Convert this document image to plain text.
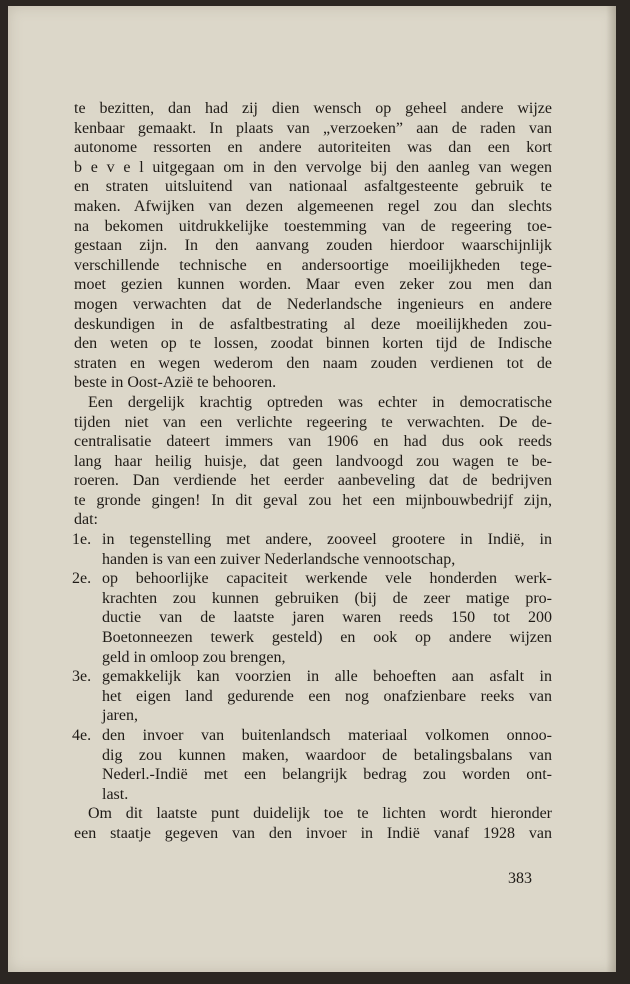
te bezitten, dan had zij dien wensch op geheel andere wijze
kenbaar gemaakt. In plaats van „verzoeken” aan de raden van
autonome ressorten en andere autoriteiten was dan een kort
b e v e l uitgegaan om in den vervolge bij den aanleg van wegen
en straten uitsluitend van nationaal asfaltgesteente gebruik te
maken. Afwijken van dezen algemeenen regel zou dan slechts
na bekomen uitdrukkelijke toestemming van de regeering toe-
gestaan zijn. In den aanvang zouden hierdoor waarschijnlijk
verschillende technische en andersoortige moeilijkheden tege-
moet gezien kunnen worden. Maar even zeker zou men dan
mogen verwachten dat de Nederlandsche ingenieurs en andere
deskundigen in de asfaltbestrating al deze moeilijkheden zou-
den weten op te lossen, zoodat binnen korten tijd de Indische
straten en wegen wederom den naam zouden verdienen tot de
beste in Oost-Azië te behooren.
Een dergelijk krachtig optreden was echter in democratische
tijden niet van een verlichte regeering te verwachten. De de-
centralisatie dateert immers van 1906 en had dus ook reeds
lang haar heilig huisje, dat geen landvoogd zou wagen te be-
roeren. Dan verdiende het eerder aanbeveling dat de bedrijven
te gronde gingen! In dit geval zou het een mijnbouwbedrijf zijn,
dat:
1e. in tegenstelling met andere, zooveel grootere in Indië, in
handen is van een zuiver Nederlandsche vennootschap,
2e. op behoorlijke capaciteit werkende vele honderden werk-
krachten zou kunnen gebruiken (bij de zeer matige pro-
ductie van de laatste jaren waren reeds 150 tot 200
Boetonneezen tewerk gesteld) en ook op andere wijzen
geld in omloop zou brengen,
3e. gemakkelijk kan voorzien in alle behoeften aan asfalt in
het eigen land gedurende een nog onafzienbare reeks van
jaren,
4e. den invoer van buitenlandsch materiaal volkomen onnoo-
dig zou kunnen maken, waardoor de betalingsbalans van
Nederl.-Indië met een belangrijk bedrag zou worden ont-
last.
Om dit laatste punt duidelijk toe te lichten wordt hieronder
een staatje gegeven van den invoer in Indië vanaf 1928 van
383
